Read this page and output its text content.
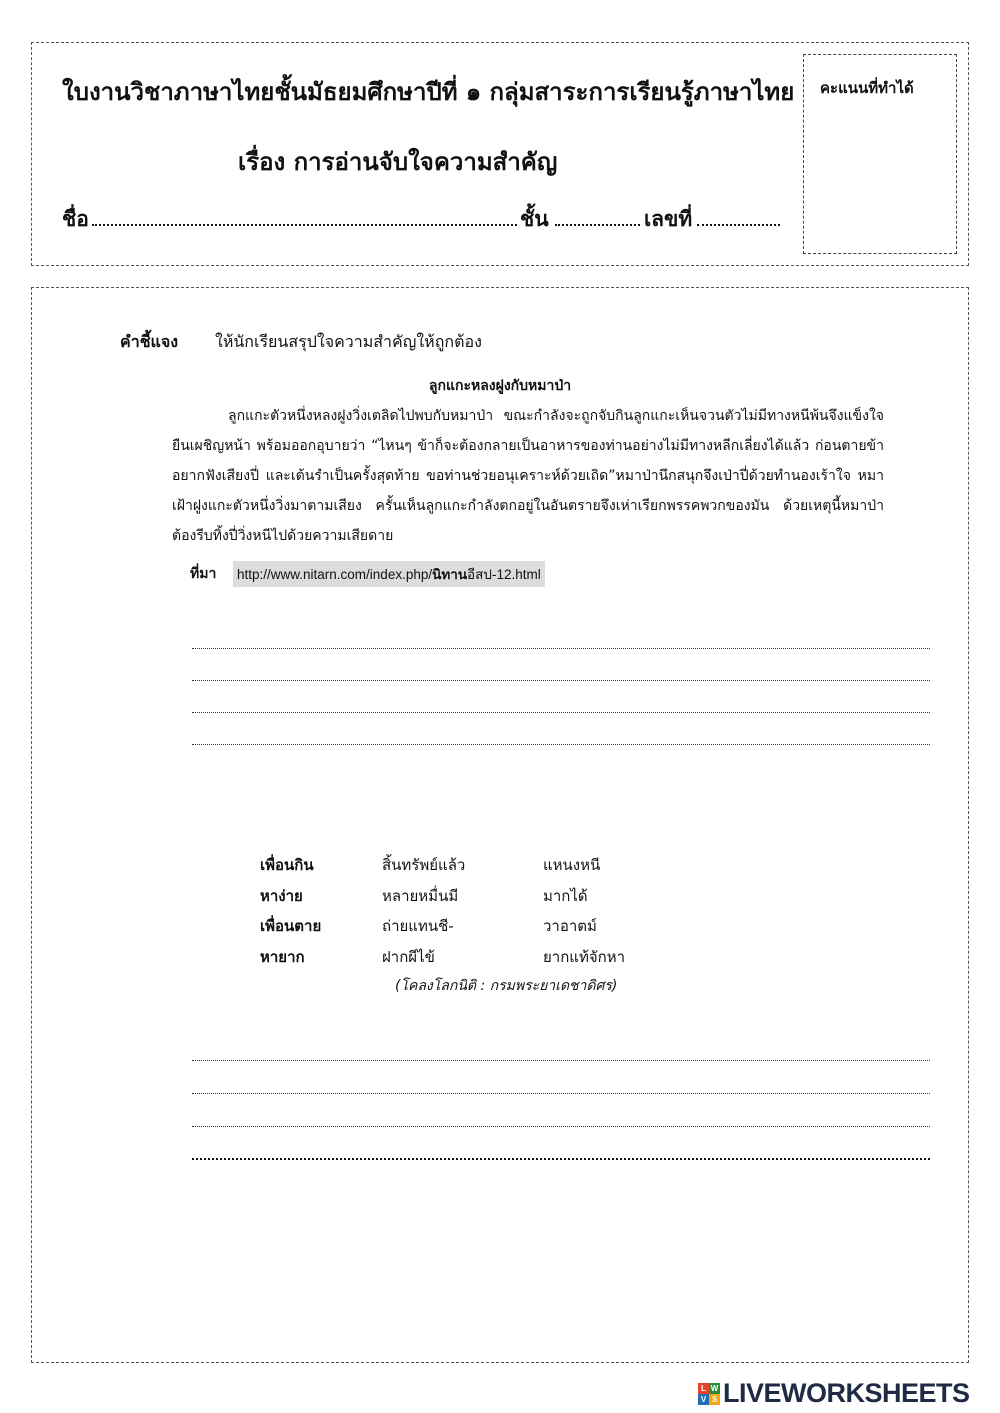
ใบงานวิชาภาษาไทยชั้นมัธยมศึกษาปีที่ ๑ กลุ่มสาระการเรียนรู้ภาษาไทย
เรื่อง การอ่านจับใจความสำคัญ
ชื่อ	ชั้น	เลขที่
คะแนนที่ทำได้
คำชี้แจง ให้นักเรียนสรุปใจความสำคัญให้ถูกต้อง
ลูกแกะหลงฝูงกับหมาป่า
ลูกแกะตัวหนึ่งหลงฝูงวิ่งเตลิดไปพบกับหมาป่า ขณะกำลังจะถูกจับกินลูกแกะเห็นจวนตัวไม่มีทางหนีพ้นจึงแข็งใจยืนเผชิญหน้า พร้อมออกอุบายว่า “ไหนๆ ข้าก็จะต้องกลายเป็นอาหารของท่านอย่างไม่มีทางหลีกเลี่ยงได้แล้ว ก่อนตายข้าอยากฟังเสียงปี่ และเต้นรำเป็นครั้งสุดท้าย ขอท่านช่วยอนุเคราะห์ด้วยเถิด”หมาป่านึกสนุกจึงเป่าปี่ด้วยทำนองเร้าใจ หมาเฝ้าฝูงแกะตัวหนึ่งวิ่งมาตามเสียง ครั้นเห็นลูกแกะกำลังตกอยู่ในอันตรายจึงเห่าเรียกพรรคพวกของมัน ด้วยเหตุนี้หมาป่าต้องรีบทิ้งปี่วิ่งหนีไปด้วยความเสียดาย
ที่มา http://www.nitarn.com/index.php/นิทานอีสป-12.html
เพื่อนกิน	สิ้นทรัพย์แล้ว	แหนงหนี
หาง่าย	หลายหมื่นมี	มากได้
เพื่อนตาย	ถ่ายแทนชี-	วาอาตม์
หายาก	ฝากผีไข้	ยากแท้จักหา
(โคลงโลกนิติ : กรมพระยาเดชาดิศร)
L W
V S LIVEWORKSHEETS
